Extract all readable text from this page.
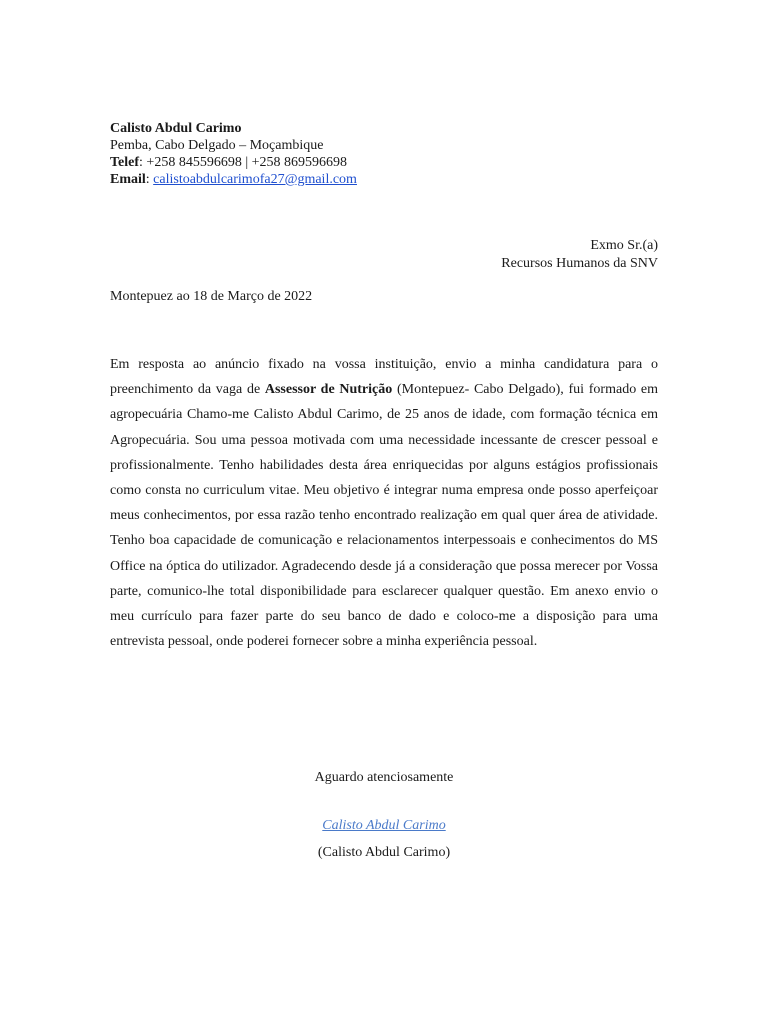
Calisto Abdul Carimo
Pemba, Cabo Delgado – Moçambique
Telef: +258 845596698 | +258 869596698
Email: calistoabdulcarimofa27@gmail.com
Exmo Sr.(a)
Recursos Humanos da SNV
Montepuez ao 18 de Março de 2022
Em resposta ao anúncio fixado na vossa instituição, envio a minha candidatura para o preenchimento da vaga de Assessor de Nutrição (Montepuez- Cabo Delgado), fui formado em agropecuária Chamo-me Calisto Abdul Carimo, de 25 anos de idade, com formação técnica em Agropecuária. Sou uma pessoa motivada com uma necessidade incessante de crescer pessoal e profissionalmente. Tenho habilidades desta área enriquecidas por alguns estágios profissionais como consta no curriculum vitae. Meu objetivo é integrar numa empresa onde posso aperfeiçoar meus conhecimentos, por essa razão tenho encontrado realização em qual quer área de atividade. Tenho boa capacidade de comunicação e relacionamentos interpessoais e conhecimentos do MS Office na óptica do utilizador. Agradecendo desde já a consideração que possa merecer por Vossa parte, comunico-lhe total disponibilidade para esclarecer qualquer questão. Em anexo envio o meu currículo para fazer parte do seu banco de dado e coloco-me a disposição para uma entrevista pessoal, onde poderei fornecer sobre a minha experiência pessoal.
Aguardo atenciosamente
Calisto Abdul Carimo
(Calisto Abdul Carimo)
